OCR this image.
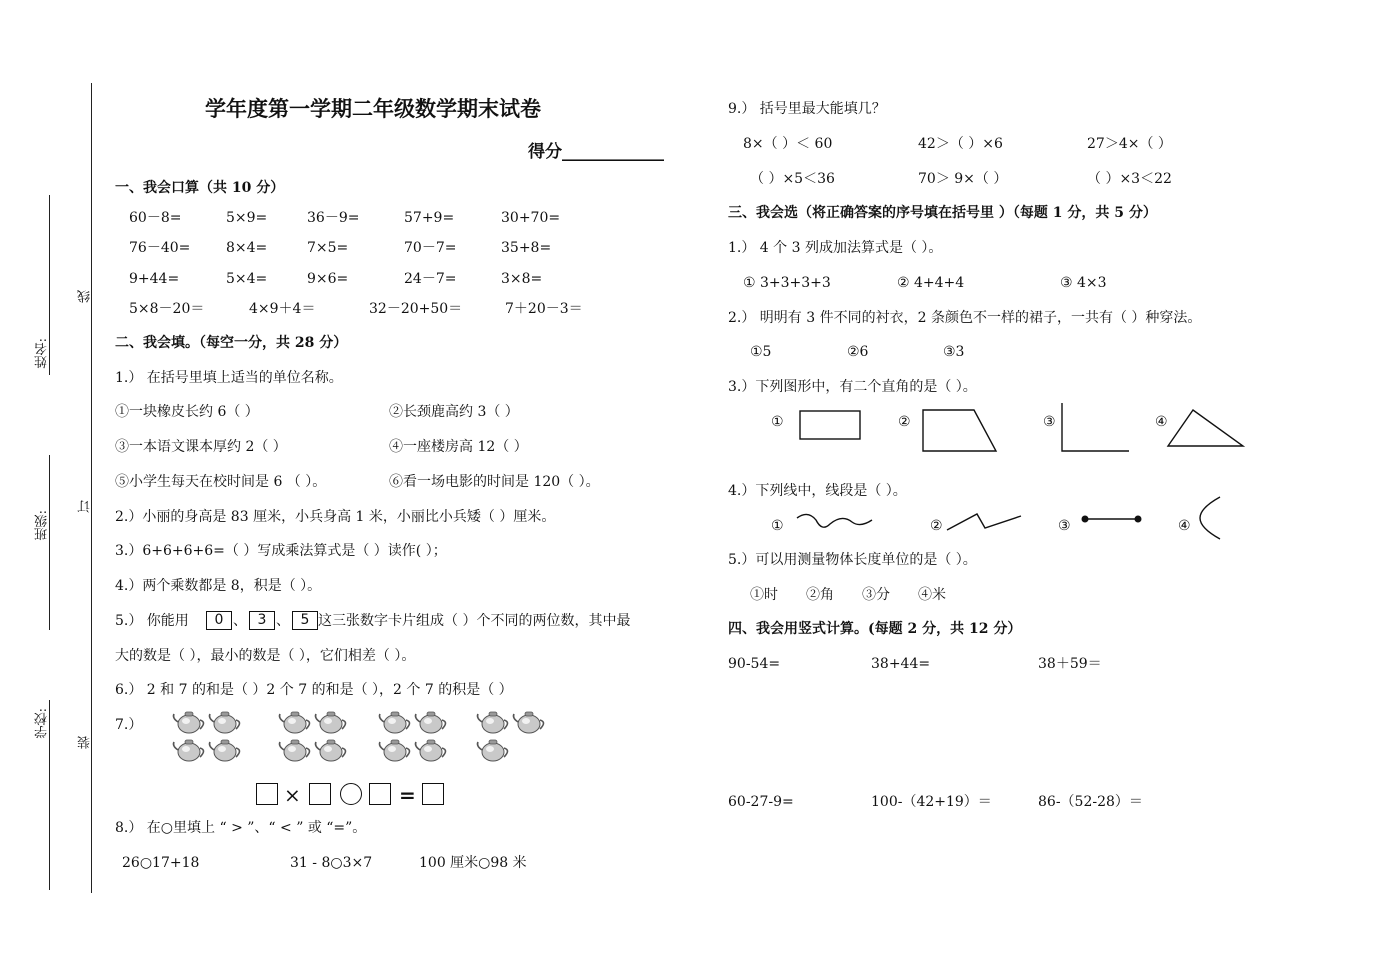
线
订
装
姓名:
班级:
学校:
学年度第一学期二年级数学期末试卷
得分____________
一、我会口算（共 10 分）
60－8=	5×9=	36－9=	57+9=	30+70=
76－40=	8×4=	7×5=	70－7=	35+8=
9+44=	5×4=	9×6=	24－7=	3×8=
5×8－20＝	4×9＋4＝	32－20+50＝	7＋20－3＝
二、我会填。（每空一分，共 28 分）
1.） 在括号里填上适当的单位名称。
①一块橡皮长约 6（ ）	②长颈鹿高约 3（ ）
③一本语文课本厚约 2（ ）	④一座楼房高 12（ ）
⑤小学生每天在校时间是 6 （ ）。	⑥看一场电影的时间是 120（ ）。
2.）小丽的身高是 83 厘米，小兵身高 1 米，小丽比小兵矮（ ）厘米。
3.）6+6+6+6=（ ）写成乘法算式是（ ）读作( ）；
4.）两个乘数都是 8，积是（ ）。
5.） 你能用	0 、 3 、 5 这三张数字卡片组成（ ）个不同的两位数，其中最
大的数是（ ），最小的数是（ ），它们相差（ ）。
6.） 2 和 7 的和是（ ）2 个 7 的和是（ ），2 个 7 的积是（ ）
7.）
×	=
8.） 在○里填上 “ > ”、“ < ” 或 “=”。
26○17+18	31 - 8○3×7	100 厘米○98 米
9.） 括号里最大能填几？
8×（ ）＜ 60	42＞（ ）×6	27＞4×（ ）
（ ）×5＜36	70＞ 9×（ ）	（ ）×3＜22
三、我会选（将正确答案的序号填在括号里 ）（每题 1 分，共 5 分）
1.） 4 个 3 列成加法算式是（ ）。
① 3+3+3+3	② 4+4+4	③ 4×3
2.） 明明有 3 件不同的衬衣，2 条颜色不一样的裙子，一共有（ ）种穿法。
①5	②6	③3
3.）下列图形中，有二个直角的是（ ）。
①	②	③	④
4.）下列线中，线段是（ ）。
①	②	③	④
5.）可以用测量物体长度单位的是（ ）。
①时 ②角 ③分 ④米
四、我会用竖式计算。(每题 2 分，共 12 分）
90-54=	38+44=	38＋59＝
60-27-9=	100-（42+19）＝	86-（52-28）＝
